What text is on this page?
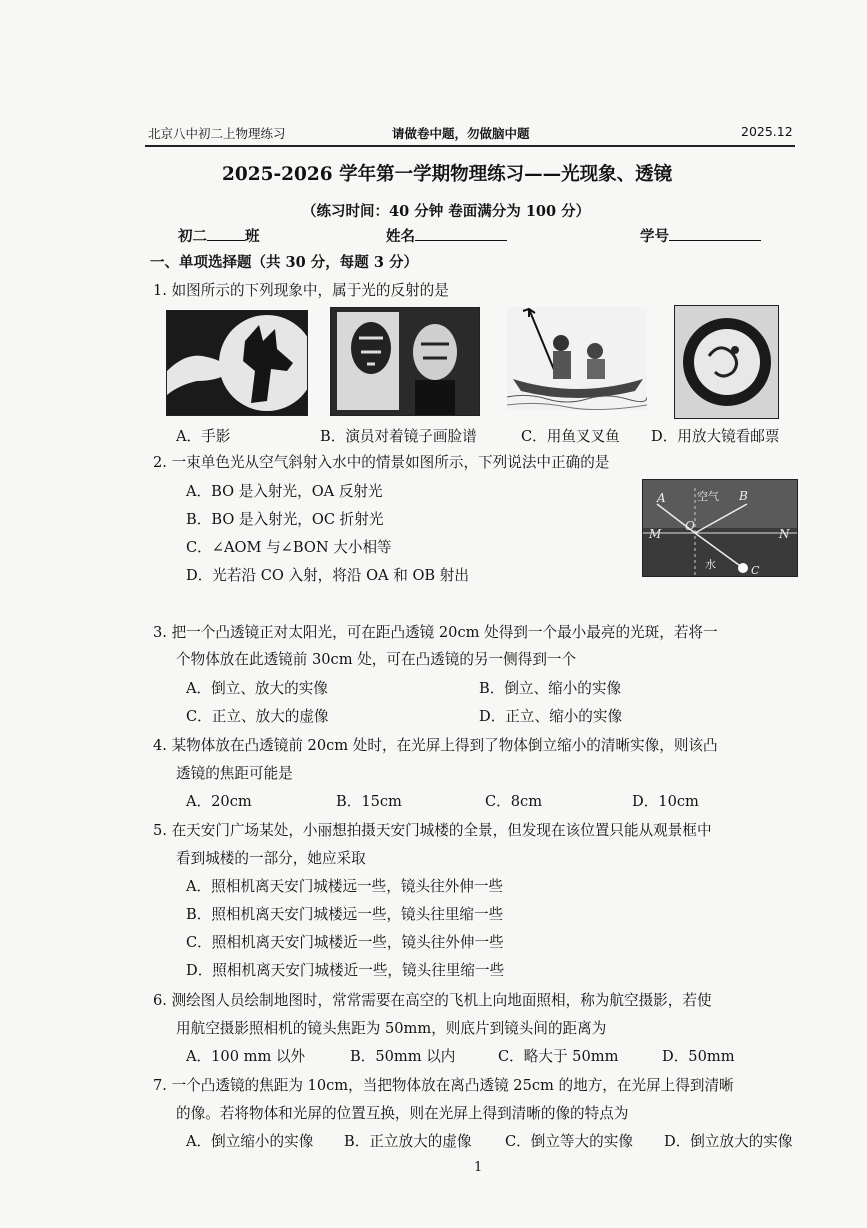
北京八中初二上物理练习	请做卷中题，勿做脑中题	2025.12
2025-2026 学年第一学期物理练习——光现象、透镜
（练习时间：40 分钟 卷面满分为 100 分）
初二	班	姓名	学号
一、单项选择题（共 30 分，每题 3 分）
1. 如图所示的下列现象中，属于光的反射的是
A．手影	B．演员对着镜子画脸谱	C．用鱼叉叉鱼 D．用放大镜看邮票
2. 一束单色光从空气斜射入水中的情景如图所示，下列说法中正确的是
A．BO 是入射光，OA 反射光
B．BO 是入射光，OC 折射光
C．∠AOM 与∠BON 大小相等
D．光若沿 CO 入射，将沿 OA 和 OB 射出
A	B
空气
M	N
O
水	C
3. 把一个凸透镜正对太阳光，可在距凸透镜 20cm 处得到一个最小最亮的光斑，若将一
个物体放在此透镜前 30cm 处，可在凸透镜的另一侧得到一个
A．倒立、放大的实像	B．倒立、缩小的实像
C．正立、放大的虚像	D．正立、缩小的实像
4. 某物体放在凸透镜前 20cm 处时，在光屏上得到了物体倒立缩小的清晰实像，则该凸
透镜的焦距可能是
A．20cm	B．15cm	C．8cm	D．10cm
5. 在天安门广场某处，小丽想拍摄天安门城楼的全景，但发现在该位置只能从观景框中
看到城楼的一部分，她应采取
A．照相机离天安门城楼远一些，镜头往外伸一些
B．照相机离天安门城楼远一些，镜头往里缩一些
C．照相机离天安门城楼近一些，镜头往外伸一些
D．照相机离天安门城楼近一些，镜头往里缩一些
6. 测绘图人员绘制地图时，常常需要在高空的飞机上向地面照相，称为航空摄影，若使
用航空摄影照相机的镜头焦距为 50mm，则底片到镜头间的距离为
A．100 mm 以外	B．50mm 以内	C．略大于 50mm	D．50mm
7. 一个凸透镜的焦距为 10cm，当把物体放在离凸透镜 25cm 的地方，在光屏上得到清晰
的像。若将物体和光屏的位置互换，则在光屏上得到清晰的像的特点为
A．倒立缩小的实像 B．正立放大的虚像 C．倒立等大的实像 D．倒立放大的实像
1
